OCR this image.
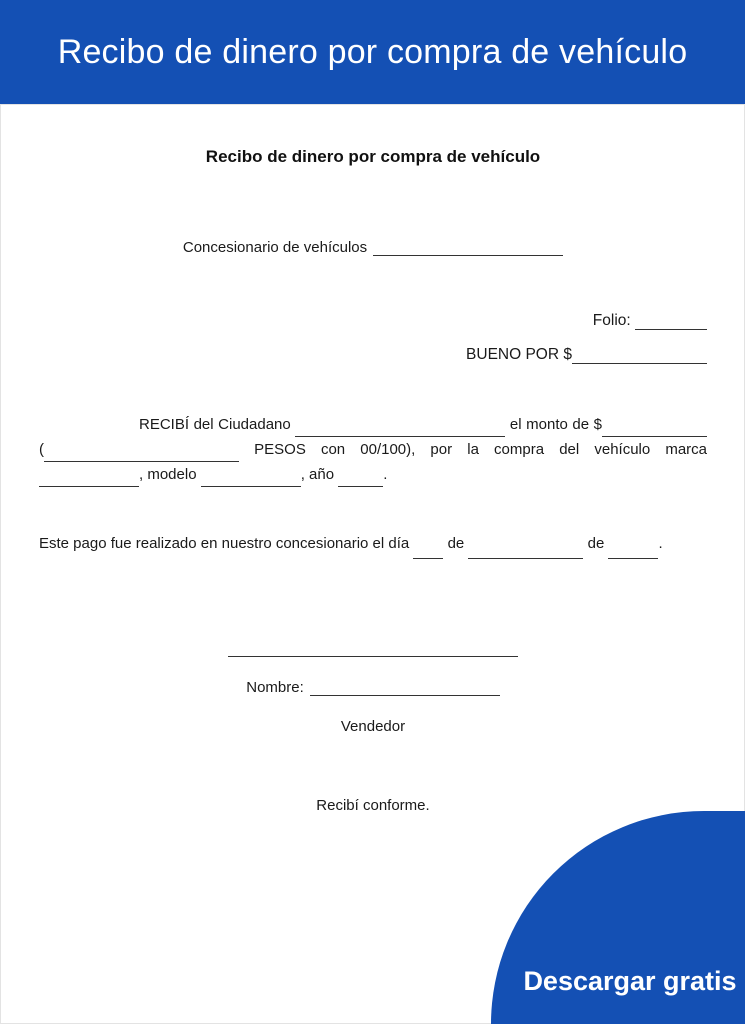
Recibo de dinero por compra de vehículo
Recibo de dinero por compra de vehículo
Concesionario de vehículos
Folio:
BUENO POR $
RECIBÍ del Ciudadano	el monto de $ (	PESOS con 00/100), por la compra del vehículo marca , modelo	, año	.
Este pago fue realizado en nuestro concesionario el día	de	de	.
Nombre:
Vendedor
Recibí conforme.
Descargar gratis
